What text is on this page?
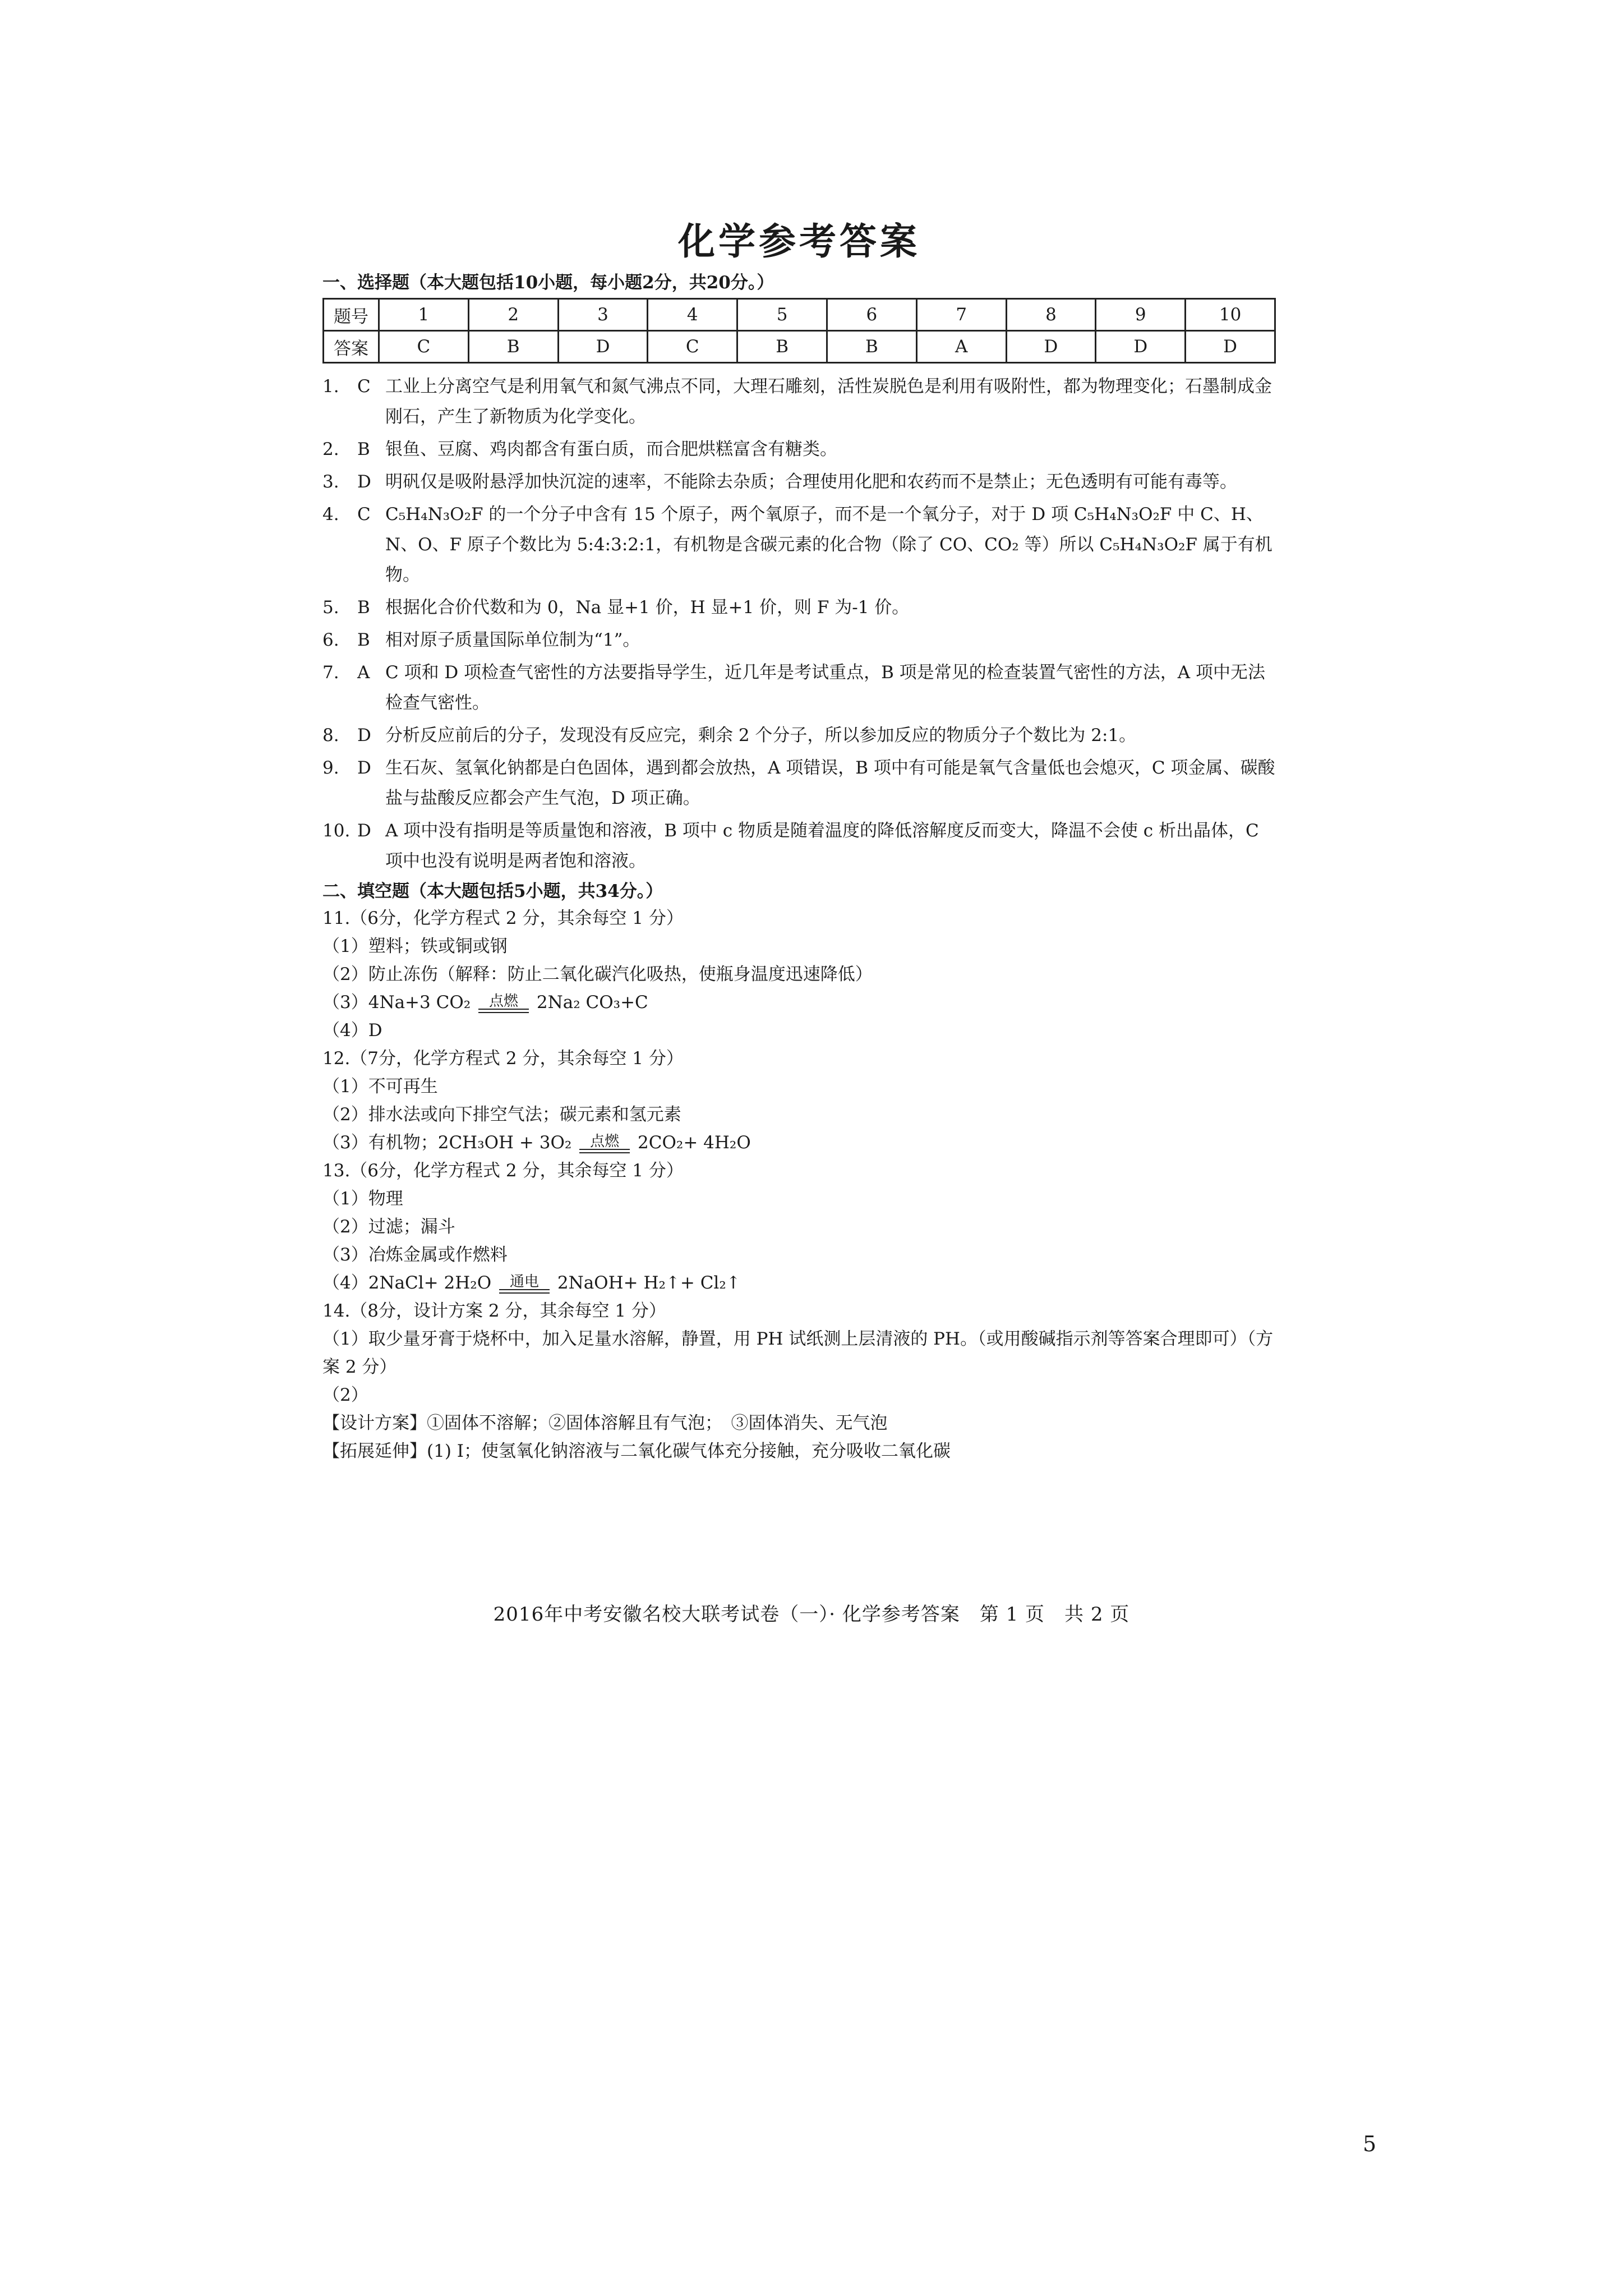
化学参考答案
一、选择题（本大题包括10小题，每小题2分，共20分。）
题号	1	2	3	4	5	6	7	8	9	10
答案	C	B	D	C	B	B	A	D	D	D
1.	C 工业上分离空气是利用氧气和氮气沸点不同，大理石雕刻，活性炭脱色是利用有吸附性，都为物理变化；石墨制成金刚石，产生了新物质为化学变化。
2.	B 银鱼、豆腐、鸡肉都含有蛋白质，而合肥烘糕富含有糖类。
3.	D 明矾仅是吸附悬浮加快沉淀的速率，不能除去杂质；合理使用化肥和农药而不是禁止；无色透明有可能有毒等。
4.	C C₅H₄N₃O₂F 的一个分子中含有 15 个原子，两个氧原子，而不是一个氧分子，对于 D 项 C₅H₄N₃O₂F 中 C、H、N、O、F 原子个数比为 5:4:3:2:1，有机物是含碳元素的化合物（除了 CO、CO₂ 等）所以 C₅H₄N₃O₂F 属于有机物。
5.	B 根据化合价代数和为 0，Na 显+1 价，H 显+1 价，则 F 为-1 价。
6.	B 相对原子质量国际单位制为“1”。
7.	A C 项和 D 项检查气密性的方法要指导学生，近几年是考试重点，B 项是常见的检查装置气密性的方法，A 项中无法检查气密性。
8.	D 分析反应前后的分子，发现没有反应完，剩余 2 个分子，所以参加反应的物质分子个数比为 2:1。
9.	D 生石灰、氢氧化钠都是白色固体，遇到都会放热，A 项错误，B 项中有可能是氧气含量低也会熄灭，C 项金属、碳酸盐与盐酸反应都会产生气泡，D 项正确。
10. D A 项中没有指明是等质量饱和溶液，B 项中 c 物质是随着温度的降低溶解度反而变大，降温不会使 c 析出晶体，C 项中也没有说明是两者饱和溶液。
二、填空题（本大题包括5小题，共34分。）
11.（6分，化学方程式 2 分，其余每空 1 分）
（1）塑料；铁或铜或钢
（2）防止冻伤（解释：防止二氧化碳汽化吸热，使瓶身温度迅速降低）
（3）4Na+3 CO₂	点燃	2Na₂ CO₃+C
（4）D
12.（7分，化学方程式 2 分，其余每空 1 分）
（1）不可再生
（2）排水法或向下排空气法；碳元素和氢元素
（3）有机物；2CH₃OH + 3O₂	点燃	2CO₂+ 4H₂O
13.（6分，化学方程式 2 分，其余每空 1 分）
（1）物理
（2）过滤；漏斗
（3）冶炼金属或作燃料
（4）2NaCl+ 2H₂O	通电	2NaOH+ H₂↑+ Cl₂↑
14.（8分，设计方案 2 分，其余每空 1 分）
（1）取少量牙膏于烧杯中，加入足量水溶解，静置，用 PH 试纸测上层清液的 PH。（或用酸碱指示剂等答案合理即可）（方案 2 分）
（2）
【设计方案】①固体不溶解；②固体溶解且有气泡；　③固体消失、无气泡
【拓展延伸】(1) Ⅰ；使氢氧化钠溶液与二氧化碳气体充分接触，充分吸收二氧化碳
2016年中考安徽名校大联考试卷（一）· 化学参考答案　第 1 页　共 2 页
5
